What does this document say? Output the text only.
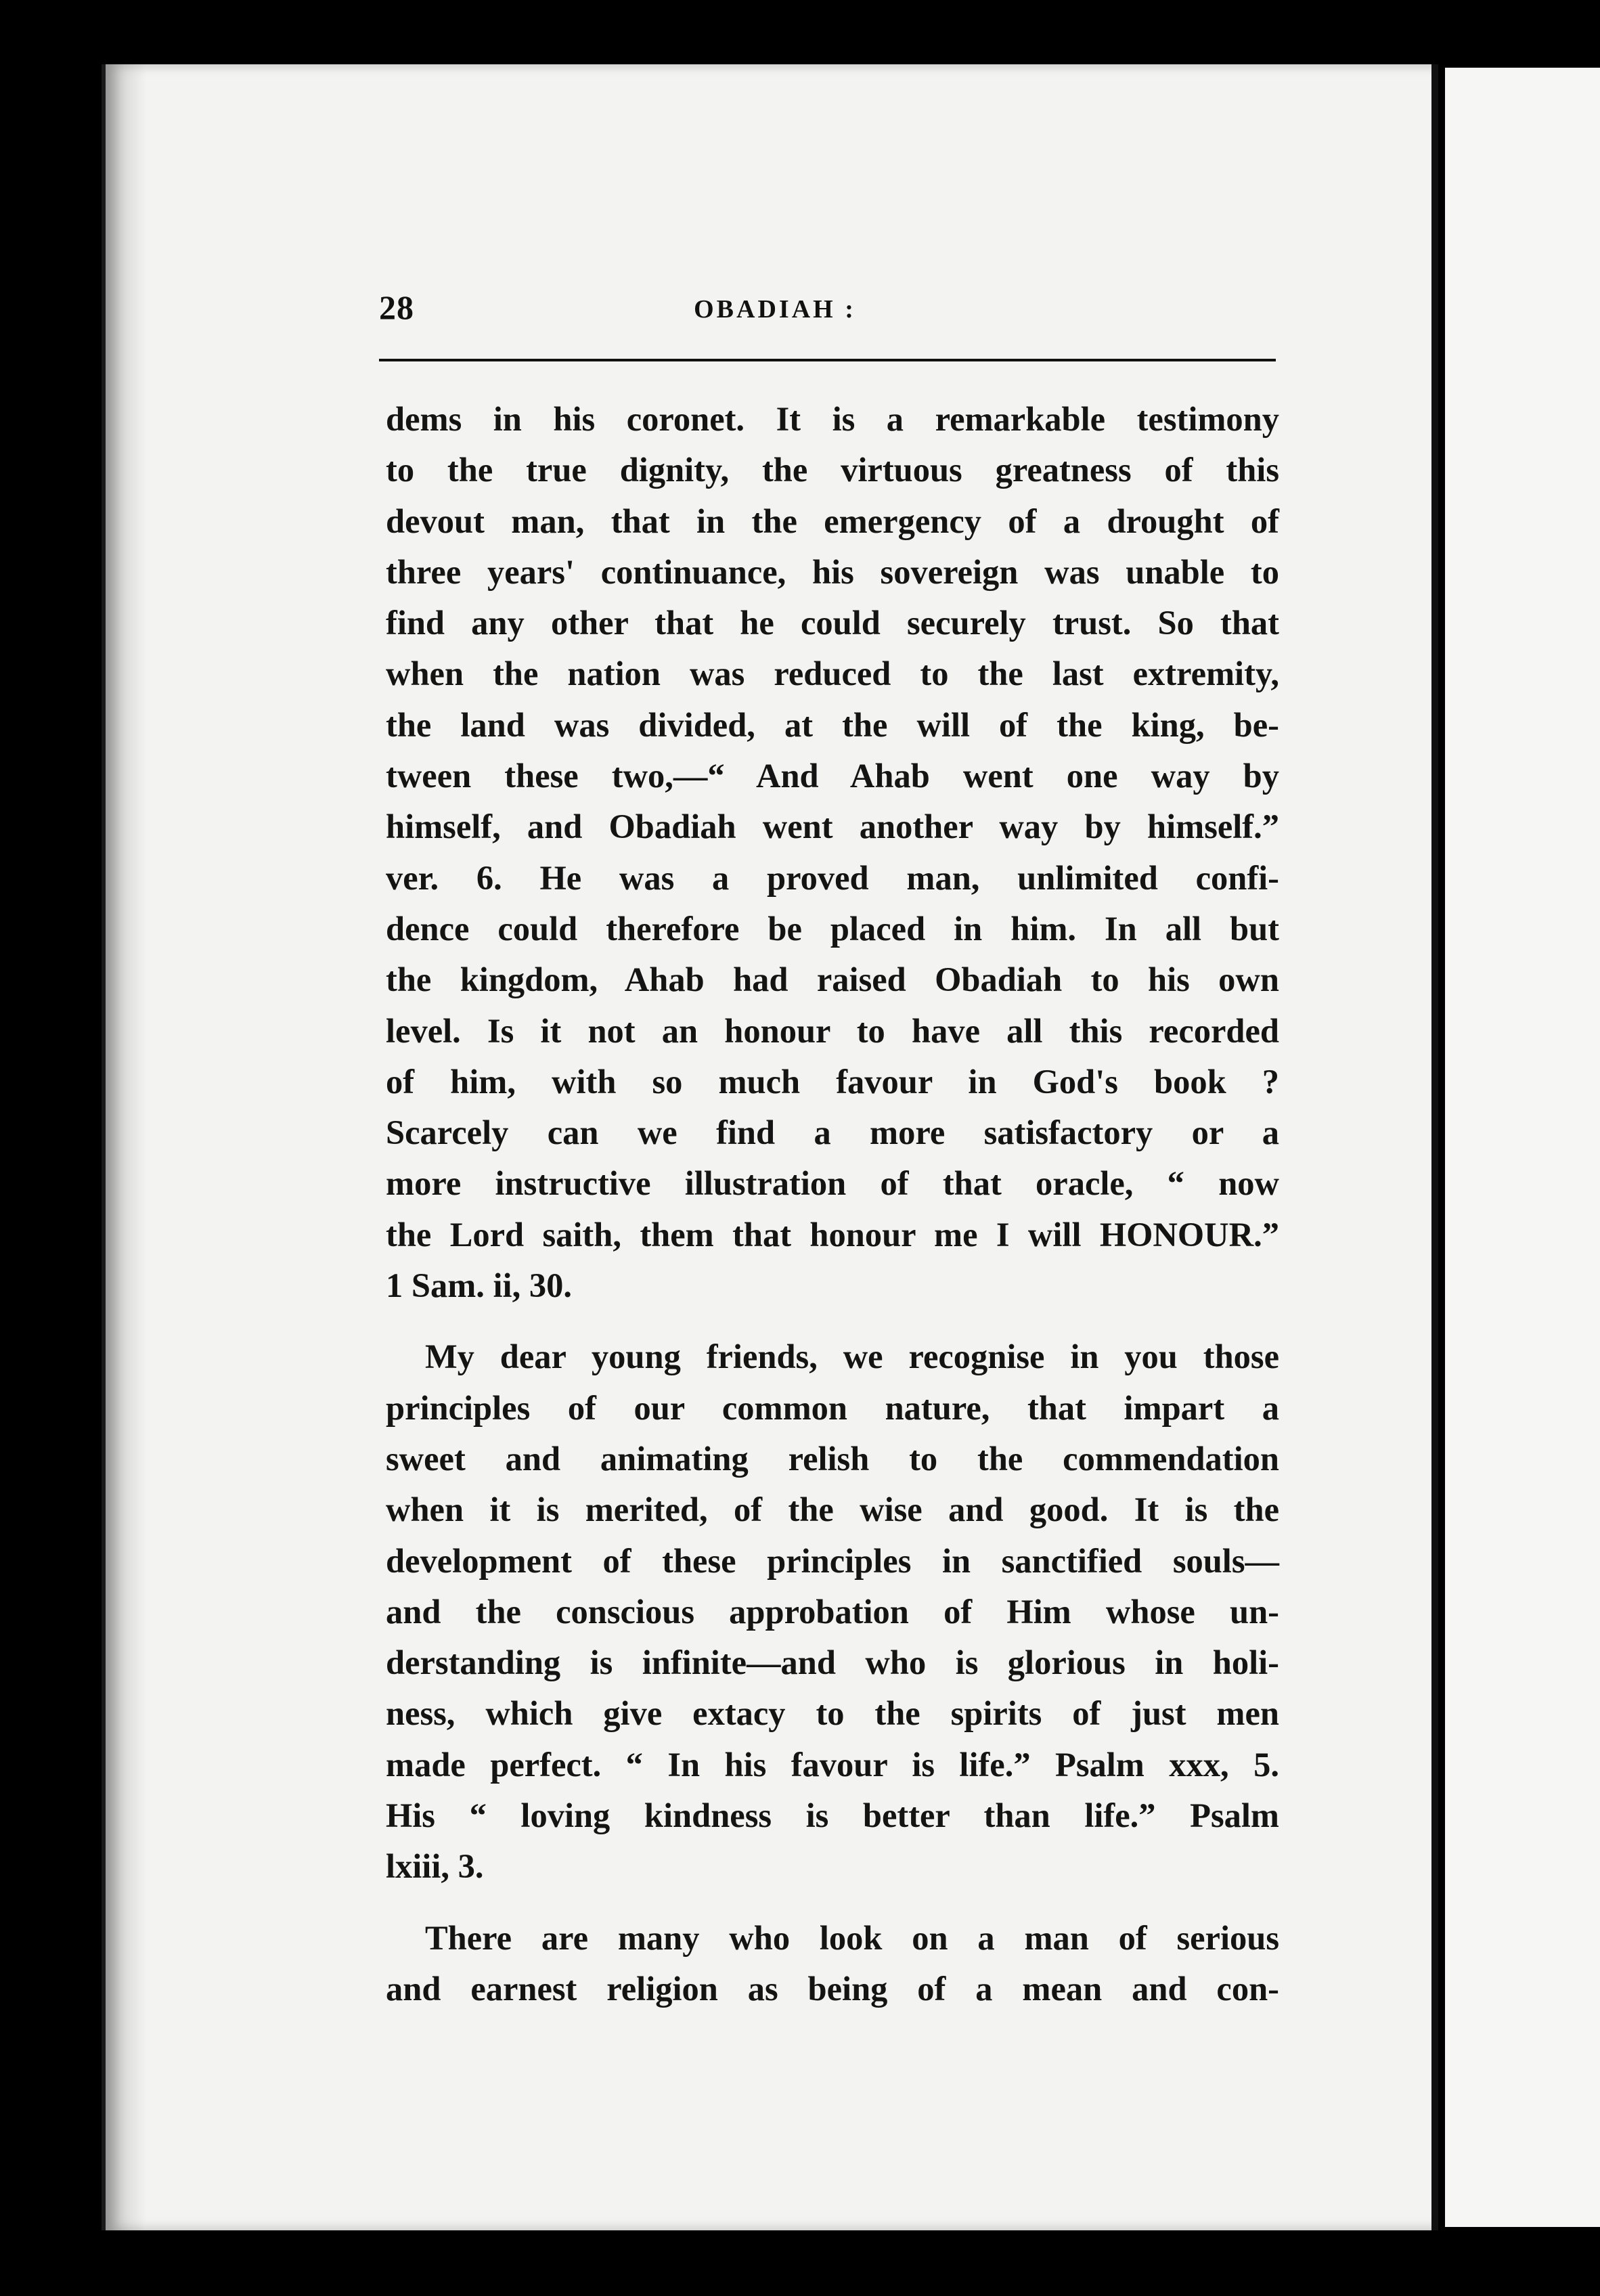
28	OBADIAH :
dems in his coronet. It is a remarkable testimony
to the true dignity, the virtuous greatness of this
devout man, that in the emergency of a drought of
three years' continuance, his sovereign was unable to
find any other that he could securely trust. So that
when the nation was reduced to the last extremity,
the land was divided, at the will of the king, be-
tween these two,—“ And Ahab went one way by
himself, and Obadiah went another way by himself.”
ver. 6. He was a proved man, unlimited confi-
dence could therefore be placed in him. In all but
the kingdom, Ahab had raised Obadiah to his own
level. Is it not an honour to have all this recorded
of him, with so much favour in God's book ?
Scarcely can we find a more satisfactory or a
more instructive illustration of that oracle, “ now
the Lord saith, them that honour me I will HONOUR.”
1 Sam. ii, 30.
My dear young friends, we recognise in you those
principles of our common nature, that impart a
sweet and animating relish to the commendation
when it is merited, of the wise and good. It is the
development of these principles in sanctified souls—
and the conscious approbation of Him whose un-
derstanding is infinite—and who is glorious in holi-
ness, which give extacy to the spirits of just men
made perfect. “ In his favour is life.” Psalm xxx, 5.
His “ loving kindness is better than life.” Psalm
lxiii, 3.
There are many who look on a man of serious
and earnest religion as being of a mean and con-
